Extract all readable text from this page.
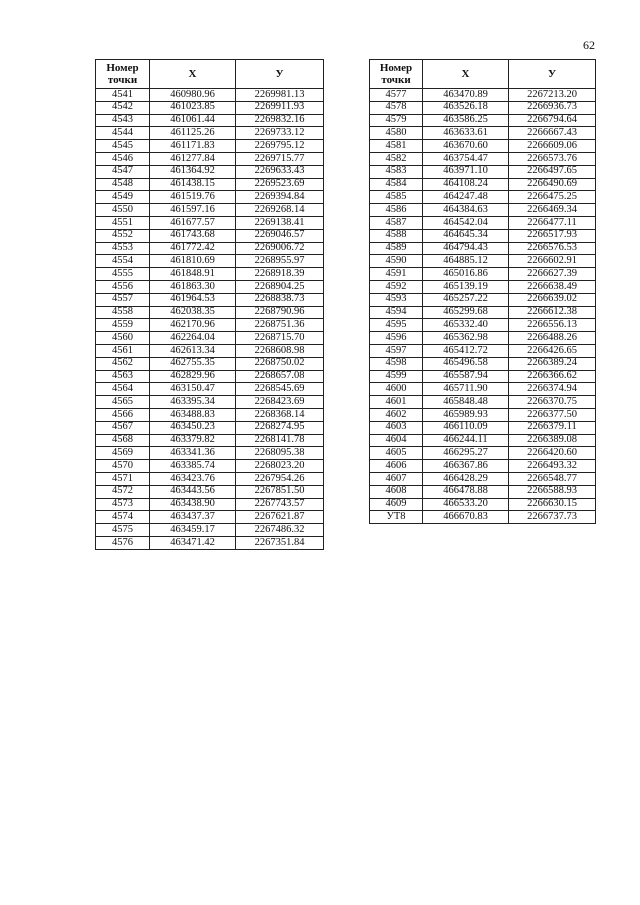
62
Номер
точки	X	У
4541	460980.96	2269981.13
4542	461023.85	2269911.93
4543	461061.44	2269832.16
4544	461125.26	2269733.12
4545	461171.83	2269795.12
4546	461277.84	2269715.77
4547	461364.92	2269633.43
4548	461438.15	2269523.69
4549	461519.76	2269394.84
4550	461597.16	2269268.14
4551	461677.57	2269138.41
4552	461743.68	2269046.57
4553	461772.42	2269006.72
4554	461810.69	2268955.97
4555	461848.91	2268918.39
4556	461863.30	2268904.25
4557	461964.53	2268838.73
4558	462038.35	2268790.96
4559	462170.96	2268751.36
4560	462264.04	2268715.70
4561	462613.34	2268608.98
4562	462755.35	2268750.02
4563	462829.96	2268657.08
4564	463150.47	2268545.69
4565	463395.34	2268423.69
4566	463488.83	2268368.14
4567	463450.23	2268274.95
4568	463379.82	2268141.78
4569	463341.36	2268095.38
4570	463385.74	2268023.20
4571	463423.76	2267954.26
4572	463443.56	2267851.50
4573	463438.90	2267743.57
4574	463437.37	2267621.87
4575	463459.17	2267486.32
4576	463471.42	2267351.84
Номер
точки	X	У
4577	463470.89	2267213.20
4578	463526.18	2266936.73
4579	463586.25	2266794.64
4580	463633.61	2266667.43
4581	463670.60	2266609.06
4582	463754.47	2266573.76
4583	463971.10	2266497.65
4584	464108.24	2266490.69
4585	464247.48	2266475.25
4586	464384.63	2266469.34
4587	464542.04	2266477.11
4588	464645.34	2266517.93
4589	464794.43	2266576.53
4590	464885.12	2266602.91
4591	465016.86	2266627.39
4592	465139.19	2266638.49
4593	465257.22	2266639.02
4594	465299.68	2266612.38
4595	465332.40	2266556.13
4596	465362.98	2266488.26
4597	465412.72	2266426.65
4598	465496.58	2266389.24
4599	465587.94	2266366.62
4600	465711.90	2266374.94
4601	465848.48	2266370.75
4602	465989.93	2266377.50
4603	466110.09	2266379.11
4604	466244.11	2266389.08
4605	466295.27	2266420.60
4606	466367.86	2266493.32
4607	466428.29	2266548.77
4608	466478.88	2266588.93
4609	466533.20	2266630.15
УТ8	466670.83	2266737.73
